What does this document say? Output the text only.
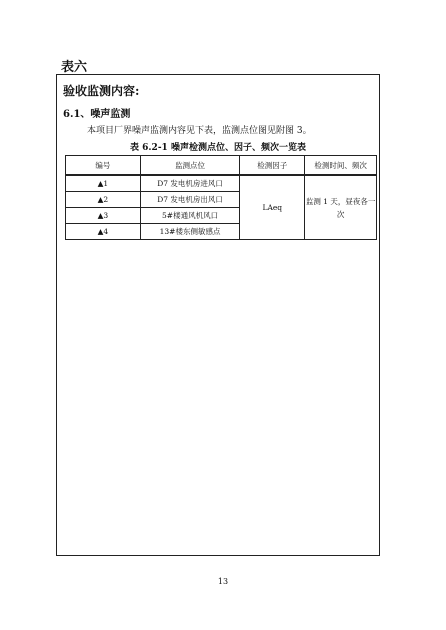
表六
验收监测内容:
6.1、噪声监测
本项目厂界噪声监测内容见下表，监测点位图见附图 3。
表 6.2-1 噪声检测点位、因子、频次一览表
编号	监测点位	检测因子	检测时间、频次
▲1	D7 发电机房进风口	LAeq	监测 1 天，昼夜各一次
▲2	D7 发电机房出风口		
▲3	5#楼通风机风口		
▲4	13#楼东侧敏感点		
13
